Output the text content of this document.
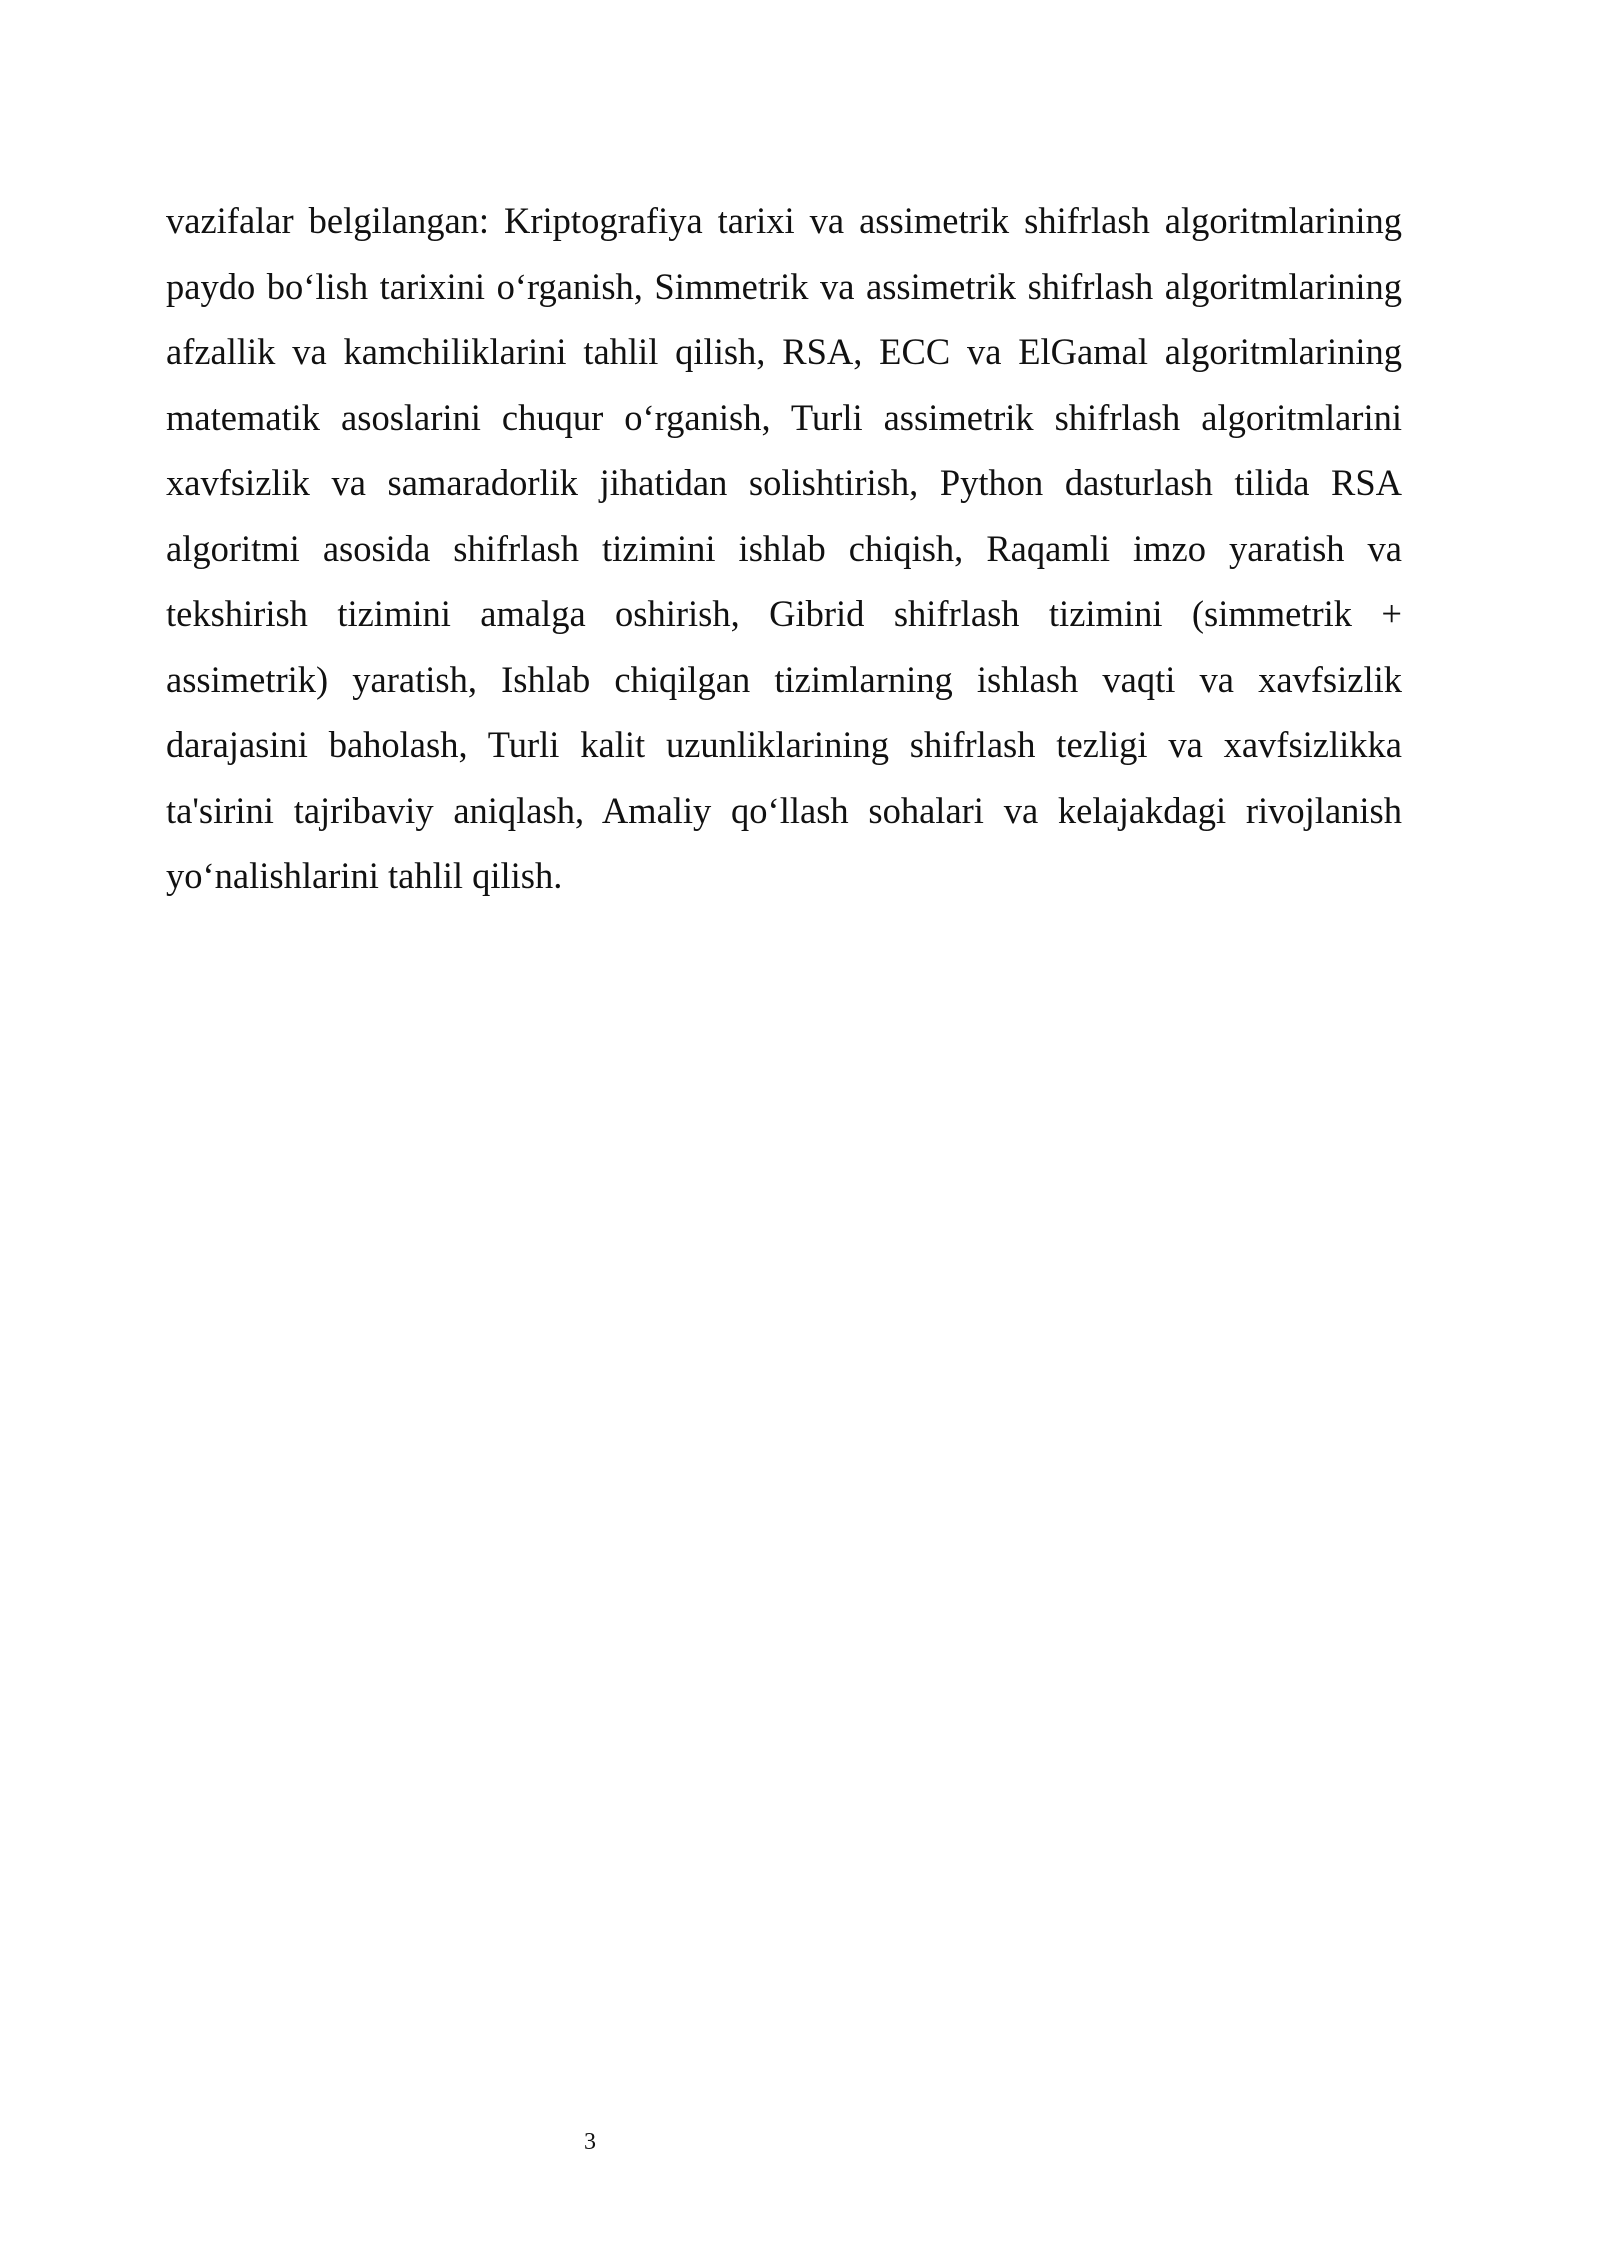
vazifalar belgilangan: Kriptografiya tarixi va assimetrik shifrlash algoritmlarining paydo bo‘lish tarixini o‘rganish, Simmetrik va assimetrik shifrlash algoritmlarining afzallik va kamchiliklarini tahlil qilish, RSA, ECC va ElGamal algoritmlarining matematik asoslarini chuqur o‘rganish, Turli assimetrik shifrlash algoritmlarini xavfsizlik va samaradorlik jihatidan solishtirish, Python dasturlash tilida RSA algoritmi asosida shifrlash tizimini ishlab chiqish, Raqamli imzo yaratish va tekshirish tizimini amalga oshirish, Gibrid shifrlash tizimini (simmetrik + assimetrik) yaratish, Ishlab chiqilgan tizimlarning ishlash vaqti va xavfsizlik darajasini baholash, Turli kalit uzunliklarining shifrlash tezligi va xavfsizlikka ta'sirini tajribaviy aniqlash, Amaliy qo‘llash sohalari va kelajakdagi rivojlanish yo‘nalishlarini tahlil qilish.

3
